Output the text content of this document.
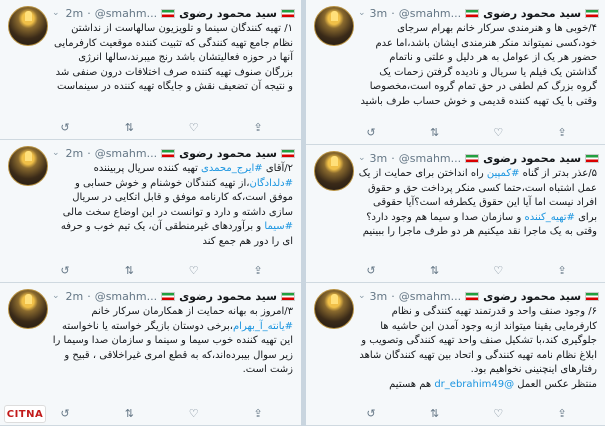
⌄ 2m · @smahm... سید محمود رضوی
۱/ تهیه کنندگان سینما و تلویزیون سالهاست از نداشتن نظام جامع تهیه کنندگی که تثبیت کننده موقعیت کارفرمایی آنها در حوزه فعالیتشان باشد رنج میبرند،سالها انرژی بزرگان صنوف تهیه کننده صرف اختلافات درون صنفی شد و نتیجه آن تضعیف نقش و جایگاه تهیه کننده در سینماست
↺	⇅	♡	⇪
⌄ 2m · @smahm... سید محمود رضوی
۲/آقای #ایرج_محمدی تهیه کننده سریال پربیننده #دلدادگان،از تهیه کنندگان خوشنام و خوش حسابی و موفق است،که کارنامه موفق و قابل اتکایی در سریال سازی داشته و دارد و توانست در این اوضاع سخت مالی #سیما و برآوردهای غیرمنطقی آن، یک تیم خوب و حرفه ای را دور هم جمع کند
↺	⇅	♡	⇪
⌄ 2m · @smahm... سید محمود رضوی
۳/امروز به بهانه حمایت از همکارمان سرکار خانم #یانته_آ_بهرام،برخی دوستان بازیگر خواسته یا ناخواسته این تهیه کننده خوب سیما و سینما و سازمان صدا وسیما را زیر سوال بیبرده‌اند،که به قطع امری غیراخلاقی ، قبیح و زشت است.
↺	⇅	♡	⇪
⌄ 3m · @smahm... سید محمود رضوی
۴/خوبی ها و هنرمندی سرکار خانم بهرام سرجای خود،کسی نمیتواند منکر هنرمندی ایشان باشد،اما عدم حضور هر یک از عوامل به هر دلیل و علتی و ناتمام گذاشتن یک فیلم یا سریال و نادیده گرفتن زحمات یک گروه بزرگ کم لطفی در حق تمام گروه است،مخصوصا وقتی با یک تهیه کننده قدیمی و خوش حساب طرف باشید
↺	⇅	♡	⇪
⌄ 3m · @smahm... سید محمود رضوی
۵/عذر بدتر از گناه #کمپین راه انداختن برای حمایت از یک عمل اشتباه است،حتما کسی منکر پرداخت حق و حقوق افراد نیست اما آیا این حقوق یکطرفه است؟آیا حقوقی برای #تهیه_کننده و سازمان صدا و سیما هم وجود دارد؟ وقتی به یک ماجرا نقد میکنیم هر دو طرف ماجرا را ببینیم
↺	⇅	♡	⇪
⌄ 3m · @smahm... سید محمود رضوی
۶/ وجود صنف واحد و قدرتمند تهیه کنندگی و نظام کارفرمایی یقینا میتواند ازبه وجود آمدن این حاشیه ها جلوگیری کند،با تشکیل صنف واحد تهیه کنندگی وتصویب و ابلاغ نظام نامه تهیه کنندگی و اتحاد بین تهیه کنندگان شاهد رفتارهای اینچنینی نخواهیم بود.
منتظر عکس العمل @dr_ebrahim49 هم هستیم
↺	⇅	♡	⇪
CITNA
